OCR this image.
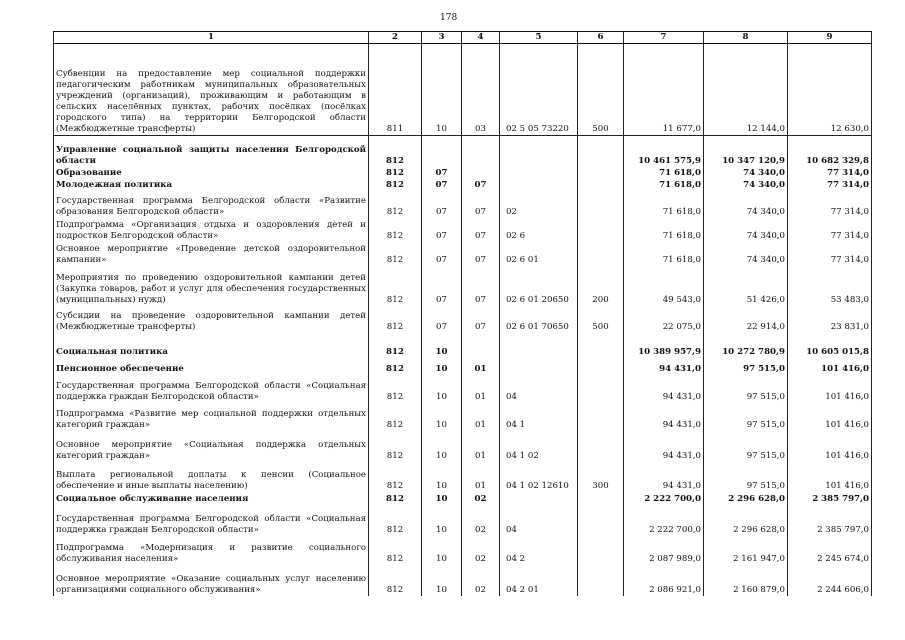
178
1	2	3	4	5	6	7	8	9
Субвенции на предоставление мер социальной поддержки педагогическим работникам муниципальных образовательных учреждений (организаций), проживающим и работающим в сельских населённых пунктах, рабочих посёлках (посёлках городского типа) на территории Белгородской области (Межбюджетные трансферты)	811	10	03	02 5 05 73220	500	11 677,0	12 144,0	12 630,0
Управление социальной защиты населения Белгородской области	812					10 461 575,9	10 347 120,9	10 682 329,8
Образование	812	07				71 618,0	74 340,0	77 314,0
Молодежная политика	812	07	07			71 618,0	74 340,0	77 314,0
Государственная программа Белгородской области «Развитие образования Белгородской области»	812	07	07	02		71 618,0	74 340,0	77 314,0
Подпрограмма «Организация отдыха и оздоровления детей и подростков Белгородской области»	812	07	07	02 6		71 618,0	74 340,0	77 314,0
Основное мероприятие «Проведение детской оздоровительной кампании»	812	07	07	02 6 01		71 618,0	74 340,0	77 314,0
Мероприятия по проведению оздоровительной кампании детей (Закупка товаров, работ и услуг для обеспечения государственных (муниципальных) нужд)	812	07	07	02 6 01 20650	200	49 543,0	51 426,0	53 483,0
Субсидии на проведение оздоровительной кампании детей (Межбюджетные трансферты)	812	07	07	02 6 01 70650	500	22 075,0	22 914,0	23 831,0
Социальная политика	812	10				10 389 957,9	10 272 780,9	10 605 015,8
Пенсионное обеспечение	812	10	01			94 431,0	97 515,0	101 416,0
Государственная программа Белгородской области «Социальная поддержка граждан Белгородской области»	812	10	01	04		94 431,0	97 515,0	101 416,0
Подпрограмма «Развитие мер социальной поддержки отдельных категорий граждан»	812	10	01	04 1		94 431,0	97 515,0	101 416,0
Основное мероприятие «Социальная поддержка отдельных категорий граждан»	812	10	01	04 1 02		94 431,0	97 515,0	101 416,0
Выплата региональной доплаты к пенсии (Социальное обеспечение и иные выплаты населению)	812	10	01	04 1 02 12610	300	94 431,0	97 515,0	101 416,0
Социальное обслуживание населения	812	10	02			2 222 700,0	2 296 628,0	2 385 797,0
Государственная программа Белгородской области «Социальная поддержка граждан Белгородской области»	812	10	02	04		2 222 700,0	2 296 628,0	2 385 797,0
Подпрограмма «Модернизация и развитие социального обслуживания населения»	812	10	02	04 2		2 087 989,0	2 161 947,0	2 245 674,0
Основное мероприятие «Оказание социальных услуг населению организациями социального обслуживания»	812	10	02	04 2 01		2 086 921,0	2 160 879,0	2 244 606,0
